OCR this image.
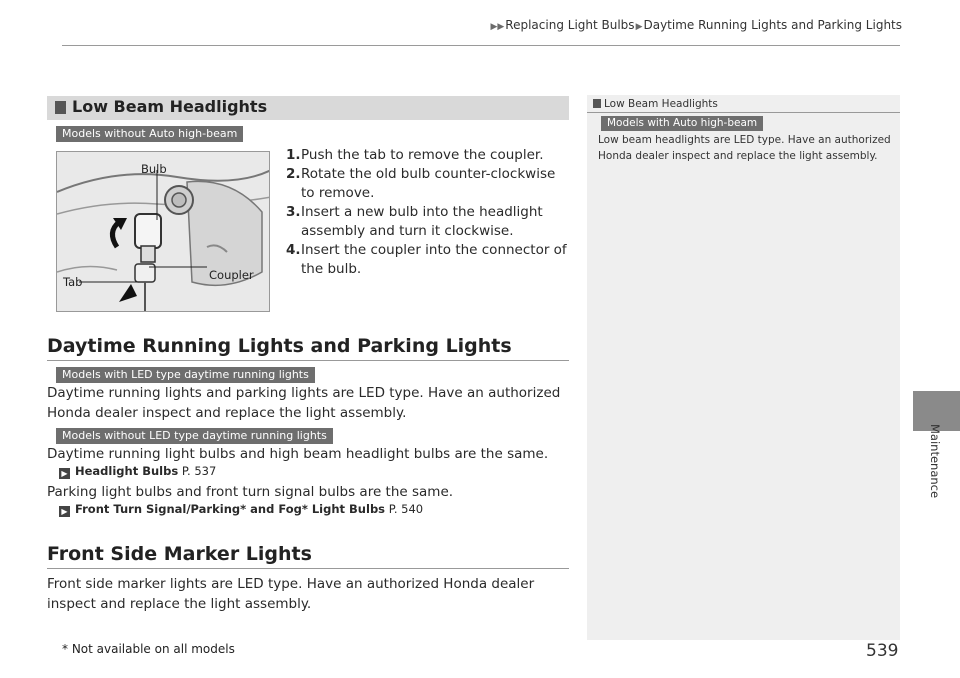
▶▶Replacing Light Bulbs▶Daytime Running Lights and Parking Lights
Maintenance
Low Beam Headlights
Models without Auto high-beam
Bulb
Tab	Coupler
1. Push the tab to remove the coupler.
2. Rotate the old bulb counter-clockwise to remove.
3. Insert a new bulb into the headlight assembly and turn it clockwise.
4. Insert the coupler into the connector of the bulb.
Daytime Running Lights and Parking Lights
Models with LED type daytime running lights
Daytime running lights and parking lights are LED type. Have an authorized Honda dealer inspect and replace the light assembly.
Models without LED type daytime running lights
Daytime running light bulbs and high beam headlight bulbs are the same.
▶ Headlight Bulbs P. 537
Parking light bulbs and front turn signal bulbs are the same.
▶ Front Turn Signal/Parking* and Fog* Light Bulbs P. 540
Front Side Marker Lights
Front side marker lights are LED type. Have an authorized Honda dealer inspect and replace the light assembly.
Low Beam Headlights
Models with Auto high-beam
Low beam headlights are LED type. Have an authorized Honda dealer inspect and replace the light assembly.
* Not available on all models	539
